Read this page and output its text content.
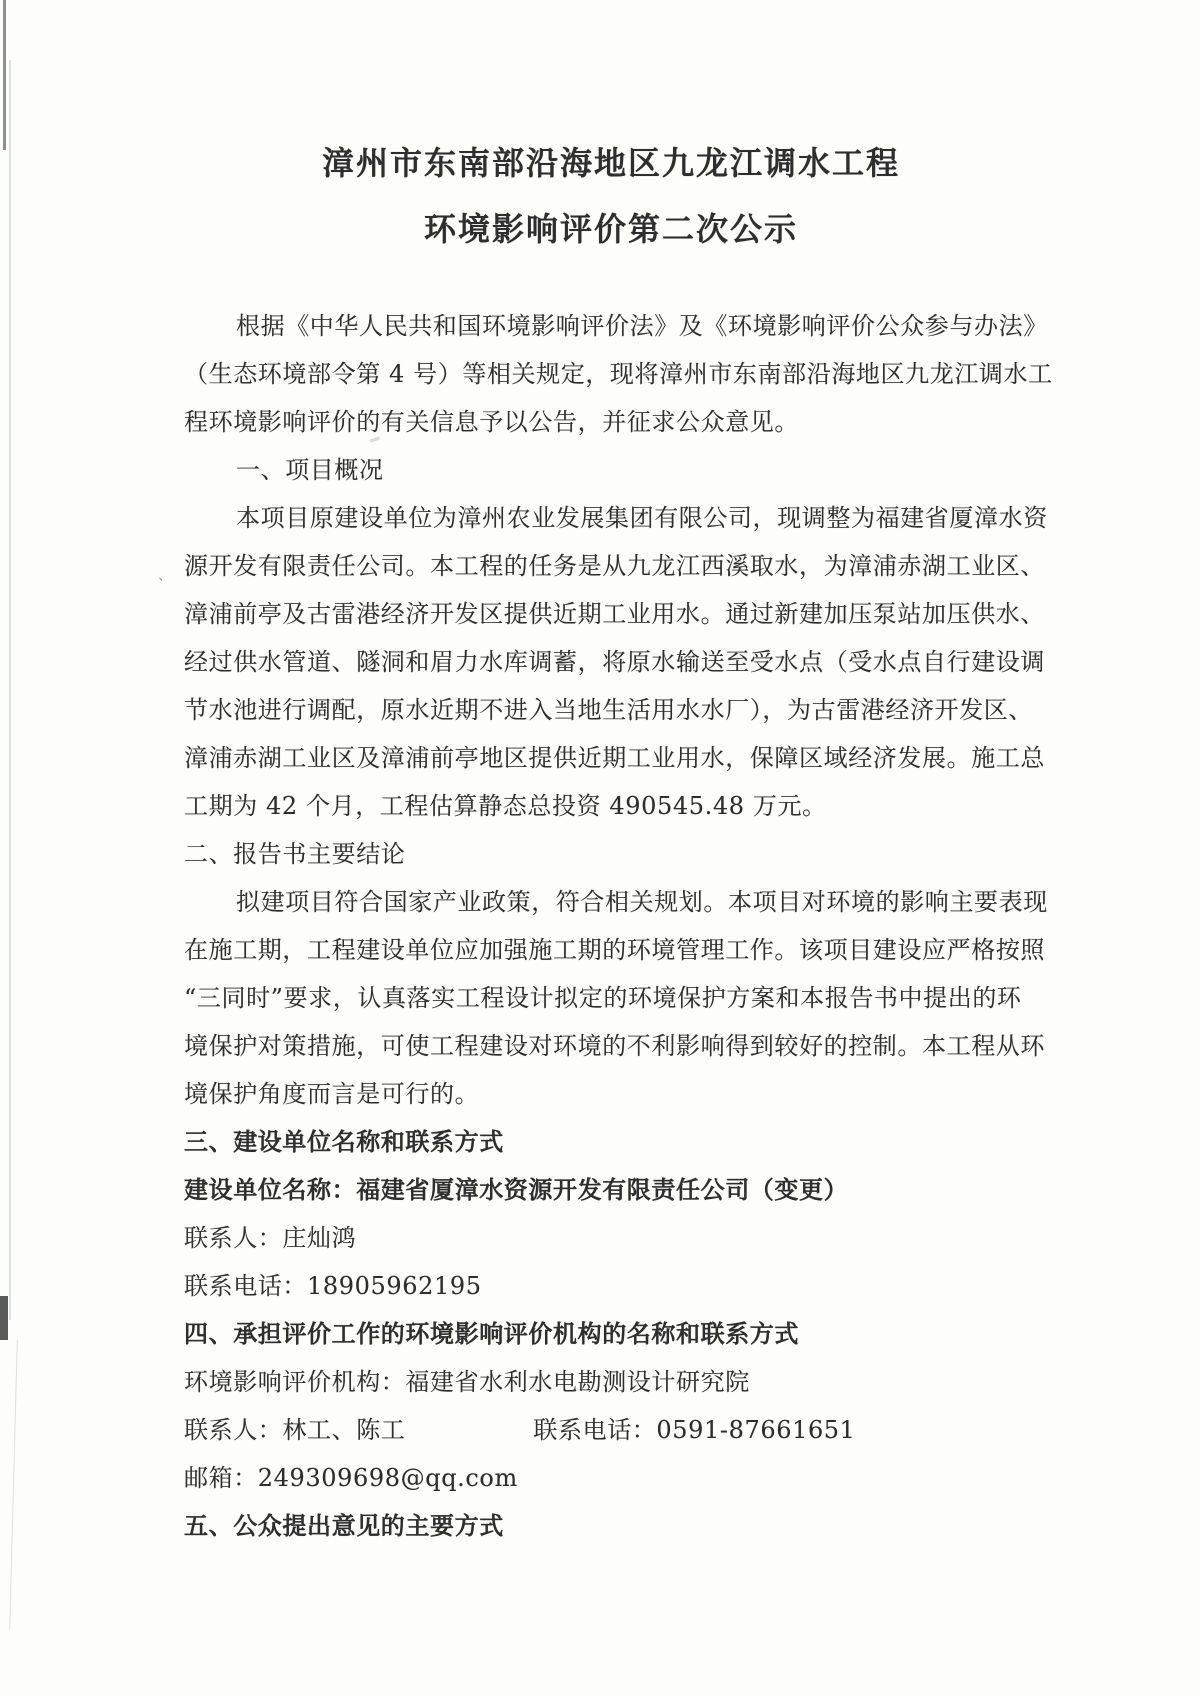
、
漳州市东南部沿海地区九龙江调水工程
环境影响评价第二次公示
根据《中华人民共和国环境影响评价法》及《环境影响评价公众参与办法》
（生态环境部令第 4 号）等相关规定，现将漳州市东南部沿海地区九龙江调水工
程环境影响评价的有关信息予以公告，并征求公众意见。
一、项目概况
本项目原建设单位为漳州农业发展集团有限公司，现调整为福建省厦漳水资
源开发有限责任公司。本工程的任务是从九龙江西溪取水，为漳浦赤湖工业区、
漳浦前亭及古雷港经济开发区提供近期工业用水。通过新建加压泵站加压供水、
经过供水管道、隧洞和眉力水库调蓄，将原水输送至受水点（受水点自行建设调
节水池进行调配，原水近期不进入当地生活用水水厂），为古雷港经济开发区、
漳浦赤湖工业区及漳浦前亭地区提供近期工业用水，保障区域经济发展。施工总
工期为 42 个月，工程估算静态总投资 490545.48 万元。
二、报告书主要结论
拟建项目符合国家产业政策，符合相关规划。本项目对环境的影响主要表现
在施工期，工程建设单位应加强施工期的环境管理工作。该项目建设应严格按照
“三同时”要求，认真落实工程设计拟定的环境保护方案和本报告书中提出的环
境保护对策措施，可使工程建设对环境的不利影响得到较好的控制。本工程从环
境保护角度而言是可行的。
三、建设单位名称和联系方式
建设单位名称：福建省厦漳水资源开发有限责任公司（变更）
联系人：庄灿鸿
联系电话：18905962195
四、承担评价工作的环境影响评价机构的名称和联系方式
环境影响评价机构：福建省水利水电勘测设计研究院
联系人：林工、陈工	联系电话：0591-87661651
邮箱：249309698@qq.com
五、公众提出意见的主要方式
